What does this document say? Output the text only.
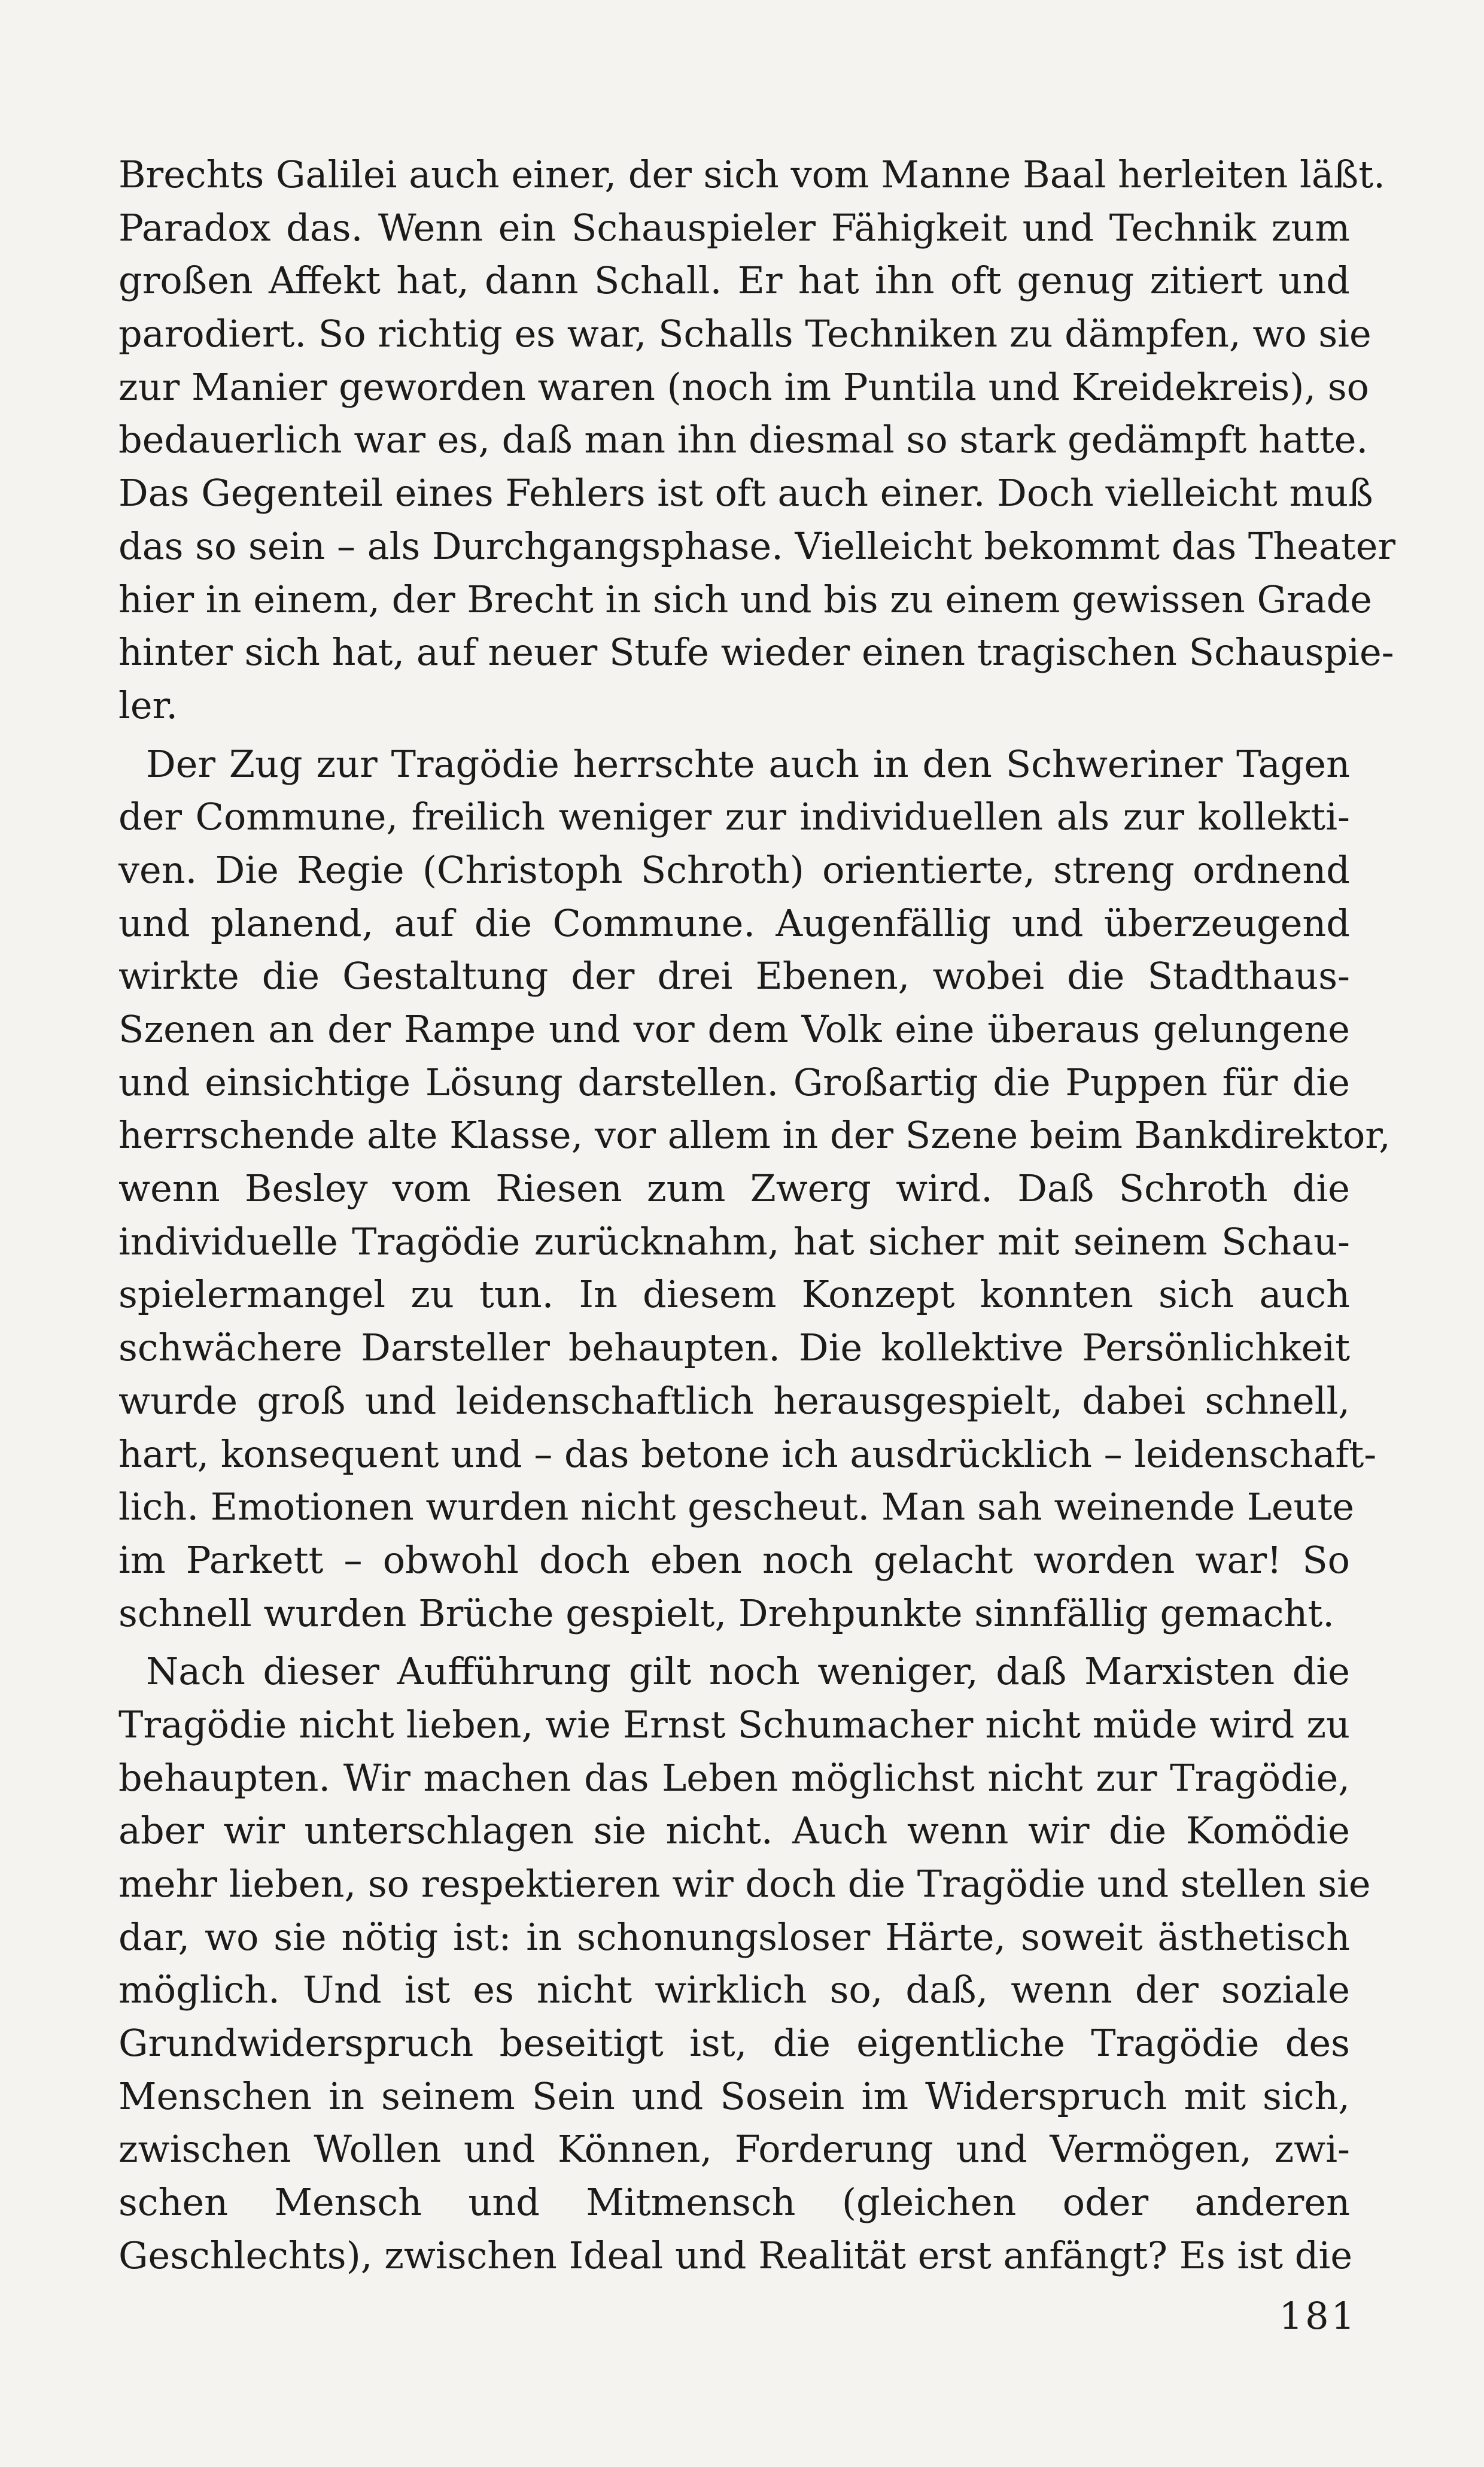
Brechts Galilei auch einer, der sich vom Manne Baal herleiten läßt.
Paradox das. Wenn ein Schauspieler Fähigkeit und Technik zum
großen Affekt hat, dann Schall. Er hat ihn oft genug zitiert und
parodiert. So richtig es war, Schalls Techniken zu dämpfen, wo sie
zur Manier geworden waren (noch im Puntila und Kreidekreis), so
bedauerlich war es, daß man ihn diesmal so stark gedämpft hatte.
Das Gegenteil eines Fehlers ist oft auch einer. Doch vielleicht muß
das so sein – als Durchgangsphase. Vielleicht bekommt das Theater
hier in einem, der Brecht in sich und bis zu einem gewissen Grade
hinter sich hat, auf neuer Stufe wieder einen tragischen Schauspie-
ler.
Der Zug zur Tragödie herrschte auch in den Schweriner Tagen
der Commune, freilich weniger zur individuellen als zur kollekti-
ven. Die Regie (Christoph Schroth) orientierte, streng ordnend
und planend, auf die Commune. Augenfällig und überzeugend
wirkte die Gestaltung der drei Ebenen, wobei die Stadthaus-
Szenen an der Rampe und vor dem Volk eine überaus gelungene
und einsichtige Lösung darstellen. Großartig die Puppen für die
herrschende alte Klasse, vor allem in der Szene beim Bankdirektor,
wenn Besley vom Riesen zum Zwerg wird. Daß Schroth die
individuelle Tragödie zurücknahm, hat sicher mit seinem Schau-
spielermangel zu tun. In diesem Konzept konnten sich auch
schwächere Darsteller behaupten. Die kollektive Persönlichkeit
wurde groß und leidenschaftlich herausgespielt, dabei schnell,
hart, konsequent und – das betone ich ausdrücklich – leidenschaft-
lich. Emotionen wurden nicht gescheut. Man sah weinende Leute
im Parkett – obwohl doch eben noch gelacht worden war! So
schnell wurden Brüche gespielt, Drehpunkte sinnfällig gemacht.
Nach dieser Aufführung gilt noch weniger, daß Marxisten die
Tragödie nicht lieben, wie Ernst Schumacher nicht müde wird zu
behaupten. Wir machen das Leben möglichst nicht zur Tragödie,
aber wir unterschlagen sie nicht. Auch wenn wir die Komödie
mehr lieben, so respektieren wir doch die Tragödie und stellen sie
dar, wo sie nötig ist: in schonungsloser Härte, soweit ästhetisch
möglich. Und ist es nicht wirklich so, daß, wenn der soziale
Grundwiderspruch beseitigt ist, die eigentliche Tragödie des
Menschen in seinem Sein und Sosein im Widerspruch mit sich,
zwischen Wollen und Können, Forderung und Vermögen, zwi-
schen Mensch und Mitmensch (gleichen oder anderen
Geschlechts), zwischen Ideal und Realität erst anfängt? Es ist die
181
